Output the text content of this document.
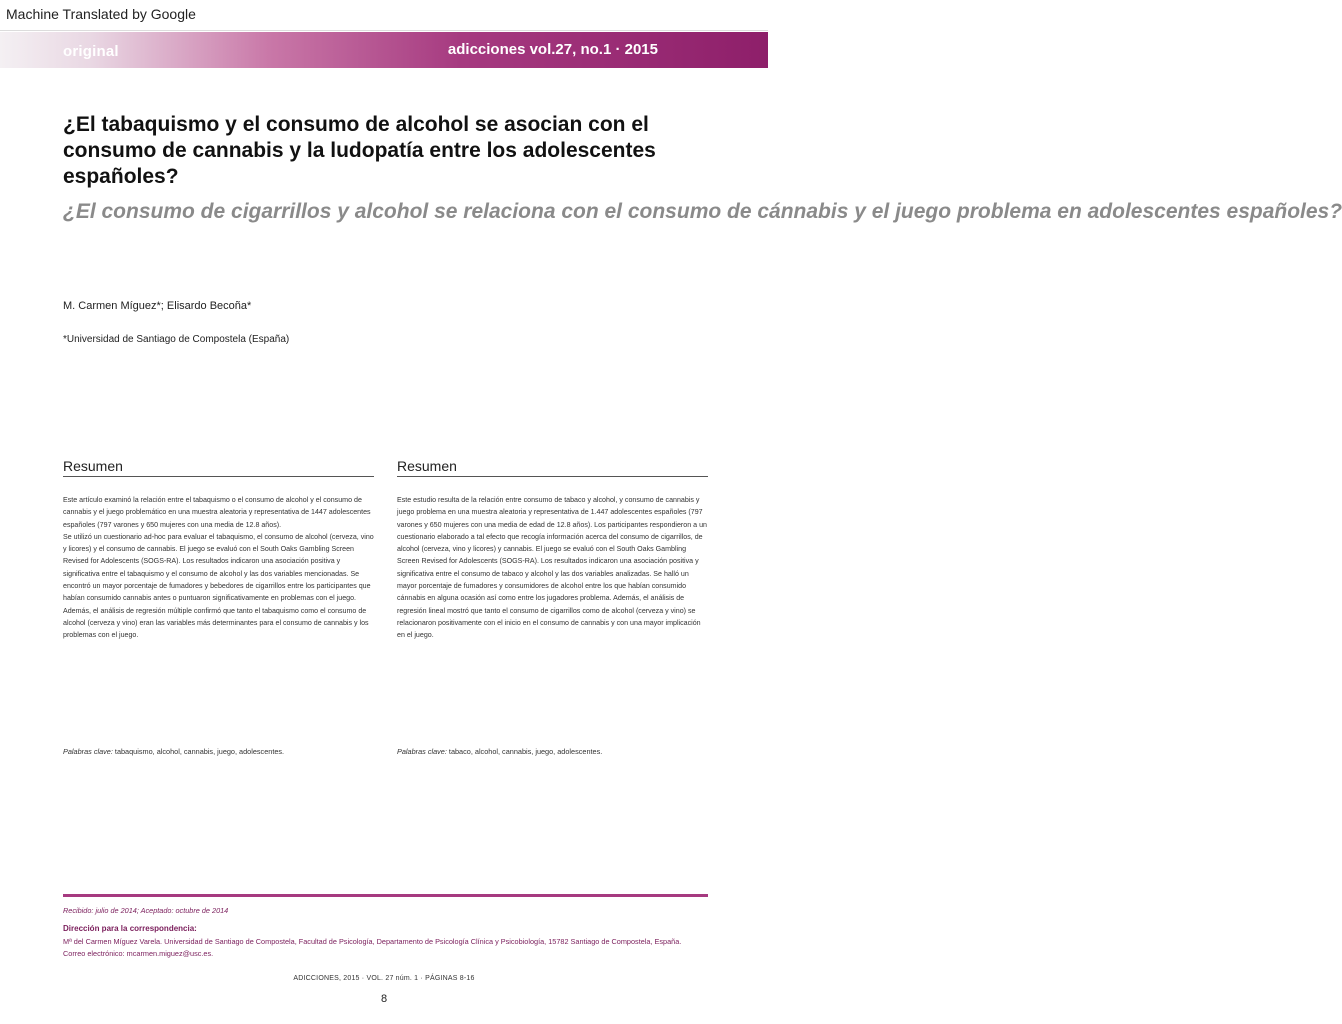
Machine Translated by Google
original	adicciones vol.27, no.1 · 2015
¿El tabaquismo y el consumo de alcohol se asocian con el consumo de cannabis y la ludopatía entre los adolescentes españoles?
¿El consumo de cigarrillos y alcohol se relaciona con el consumo de cánnabis y el juego problema en adolescentes españoles?
M. Carmen Míguez*; Elisardo Becoña*
*Universidad de Santiago de Compostela (España)
Resumen

Este artículo examinó la relación entre el tabaquismo o el consumo de alcohol y el consumo de cannabis y el juego problemático en una muestra aleatoria y representativa de 1447 adolescentes españoles (797 varones y 650 mujeres con una media de 12.8 años).

Se utilizó un cuestionario ad-hoc para evaluar el tabaquismo, el consumo de alcohol (cerveza, vino y licores) y el consumo de cannabis. El juego se evaluó con el South Oaks Gambling Screen Revised for Adolescents (SOGS-RA). Los resultados indicaron una asociación positiva y significativa entre el tabaquismo y el consumo de alcohol y las dos variables mencionadas. Se encontró un mayor porcentaje de fumadores y bebedores de cigarrillos entre los participantes que habían consumido cannabis antes o puntuaron significativamente en problemas con el juego. Además, el análisis de regresión múltiple confirmó que tanto el tabaquismo como el consumo de alcohol (cerveza y vino) eran las variables más determinantes para el consumo de cannabis y los problemas con el juego.

Resumen

Este estudio resulta de la relación entre consumo de tabaco y alcohol, y consumo de cannabis y juego problema en una muestra aleatoria y representativa de 1.447 adolescentes españoles (797 varones y 650 mujeres con una media de edad de 12.8 años). Los participantes respondieron a un cuestionario elaborado a tal efecto que recogía información acerca del consumo de cigarrillos, de alcohol (cerveza, vino y licores) y cannabis. El juego se evaluó con el South Oaks Gambling Screen Revised for Adolescents (SOGS-RA). Los resultados indicaron una asociación positiva y significativa entre el consumo de tabaco y alcohol y las dos variables analizadas. Se halló un mayor porcentaje de fumadores y consumidores de alcohol entre los que habían consumido cánnabis en alguna ocasión así como entre los jugadores problema. Además, el análisis de regresión lineal mostró que tanto el consumo de cigarrillos como de alcohol (cerveza y vino) se relacionaron positivamente con el inicio en el consumo de cannabis y con una mayor implicación en el juego.

Palabras clave: tabaquismo, alcohol, cannabis, juego, adolescentes.	Palabras clave: tabaco, alcohol, cannabis, juego, adolescentes.
Recibido: julio de 2014; Aceptado: octubre de 2014
Dirección para la correspondencia:
Mª del Carmen Míguez Varela. Universidad de Santiago de Compostela, Facultad de Psicología, Departamento de Psicología Clínica y Psicobiología, 15782 Santiago de Compostela, España. Correo electrónico: mcarmen.miguez@usc.es.
ADICCIONES, 2015 · VOL. 27 núm. 1 · PÁGINAS 8-16
8
